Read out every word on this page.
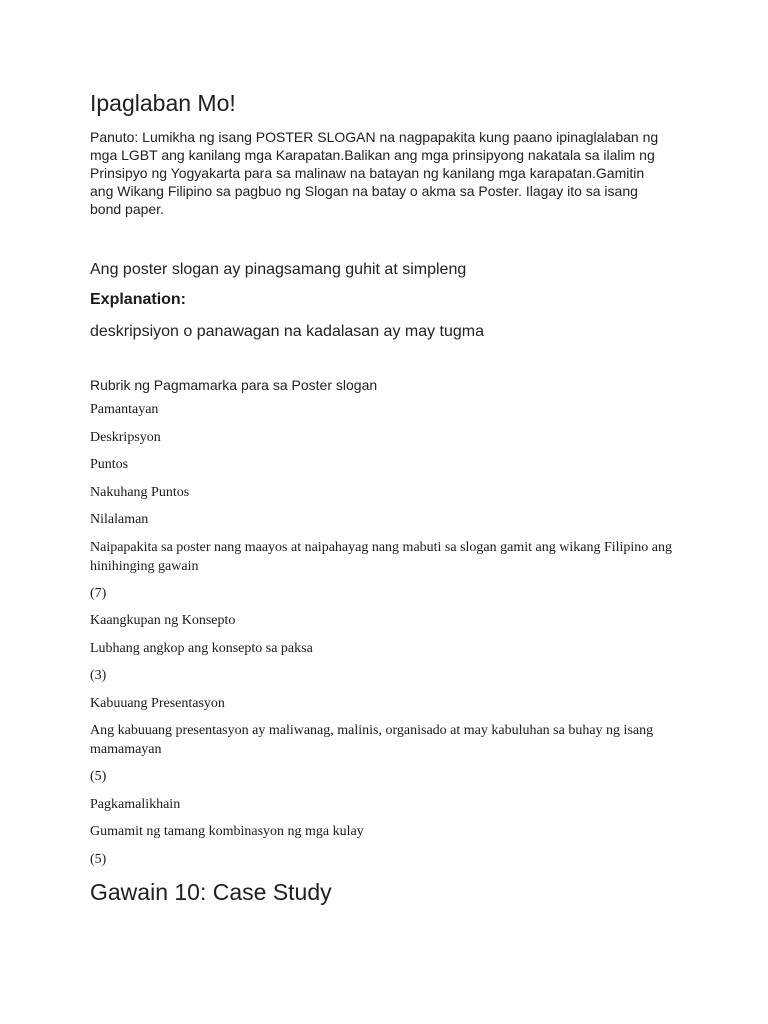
Ipaglaban Mo!

Panuto: Lumikha ng isang POSTER SLOGAN na nagpapakita kung paano ipinaglalaban ng mga LGBT ang kanilang mga Karapatan.Balikan ang mga prinsipyong nakatala sa ilalim ng Prinsipyo ng Yogyakarta para sa malinaw na batayan ng kanilang mga karapatan.Gamitin ang Wikang Filipino sa pagbuo ng Slogan na batay o akma sa Poster. Ilagay ito sa isang bond paper.

Ang poster slogan ay pinagsamang guhit at simpleng

Explanation:

deskripsiyon o panawagan na kadalasan ay may tugma

Rubrik ng Pagmamarka para sa Poster slogan

Pamantayan
Deskripsyon
Puntos
Nakuhang Puntos
Nilalaman
Naipapakita sa poster nang maayos at naipahayag nang mabuti sa slogan gamit ang wikang Filipino ang hinihinging gawain
(7)
Kaangkupan ng Konsepto
Lubhang angkop ang konsepto sa paksa
(3)
Kabuuang Presentasyon
Ang kabuuang presentasyon ay maliwanag, malinis, organisado at may kabuluhan sa buhay ng isang mamamayan
(5)
Pagkamalikhain
Gumamit ng tamang kombinasyon ng mga kulay
(5)
Gawain 10: Case Study
